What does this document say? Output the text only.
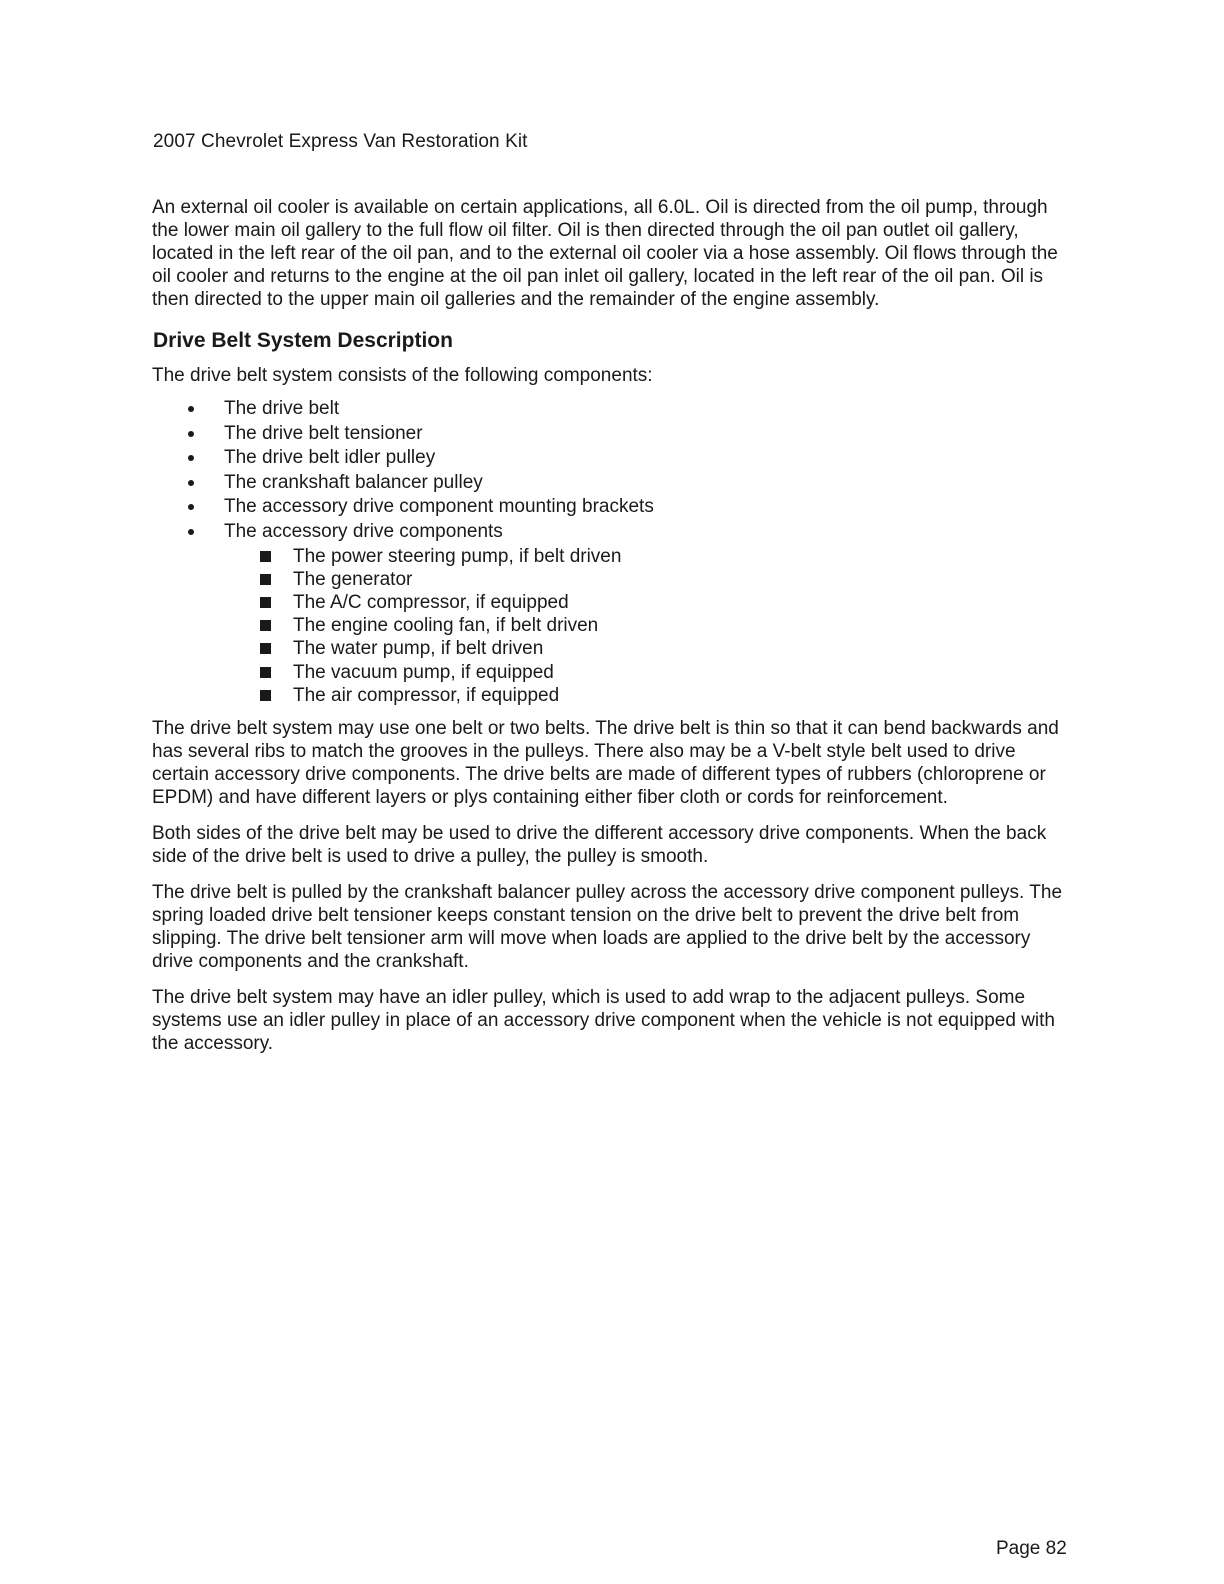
2007 Chevrolet Express Van Restoration Kit

An external oil cooler is available on certain applications, all 6.0L. Oil is directed from the oil pump, through the lower main oil gallery to the full flow oil filter. Oil is then directed through the oil pan outlet oil gallery, located in the left rear of the oil pan, and to the external oil cooler via a hose assembly. Oil flows through the oil cooler and returns to the engine at the oil pan inlet oil gallery, located in the left rear of the oil pan. Oil is then directed to the upper main oil galleries and the remainder of the engine assembly.

Drive Belt System Description

The drive belt system consists of the following components:

The drive belt
The drive belt tensioner
The drive belt idler pulley
The crankshaft balancer pulley
The accessory drive component mounting brackets
The accessory drive components
The power steering pump, if belt driven
The generator
The A/C compressor, if equipped
The engine cooling fan, if belt driven
The water pump, if belt driven
The vacuum pump, if equipped
The air compressor, if equipped

The drive belt system may use one belt or two belts. The drive belt is thin so that it can bend backwards and has several ribs to match the grooves in the pulleys. There also may be a V-belt style belt used to drive certain accessory drive components. The drive belts are made of different types of rubbers (chloroprene or EPDM) and have different layers or plys containing either fiber cloth or cords for reinforcement.

Both sides of the drive belt may be used to drive the different accessory drive components. When the back side of the drive belt is used to drive a pulley, the pulley is smooth.

The drive belt is pulled by the crankshaft balancer pulley across the accessory drive component pulleys. The spring loaded drive belt tensioner keeps constant tension on the drive belt to prevent the drive belt from slipping. The drive belt tensioner arm will move when loads are applied to the drive belt by the accessory drive components and the crankshaft.

The drive belt system may have an idler pulley, which is used to add wrap to the adjacent pulleys. Some systems use an idler pulley in place of an accessory drive component when the vehicle is not equipped with the accessory.

Page 82
